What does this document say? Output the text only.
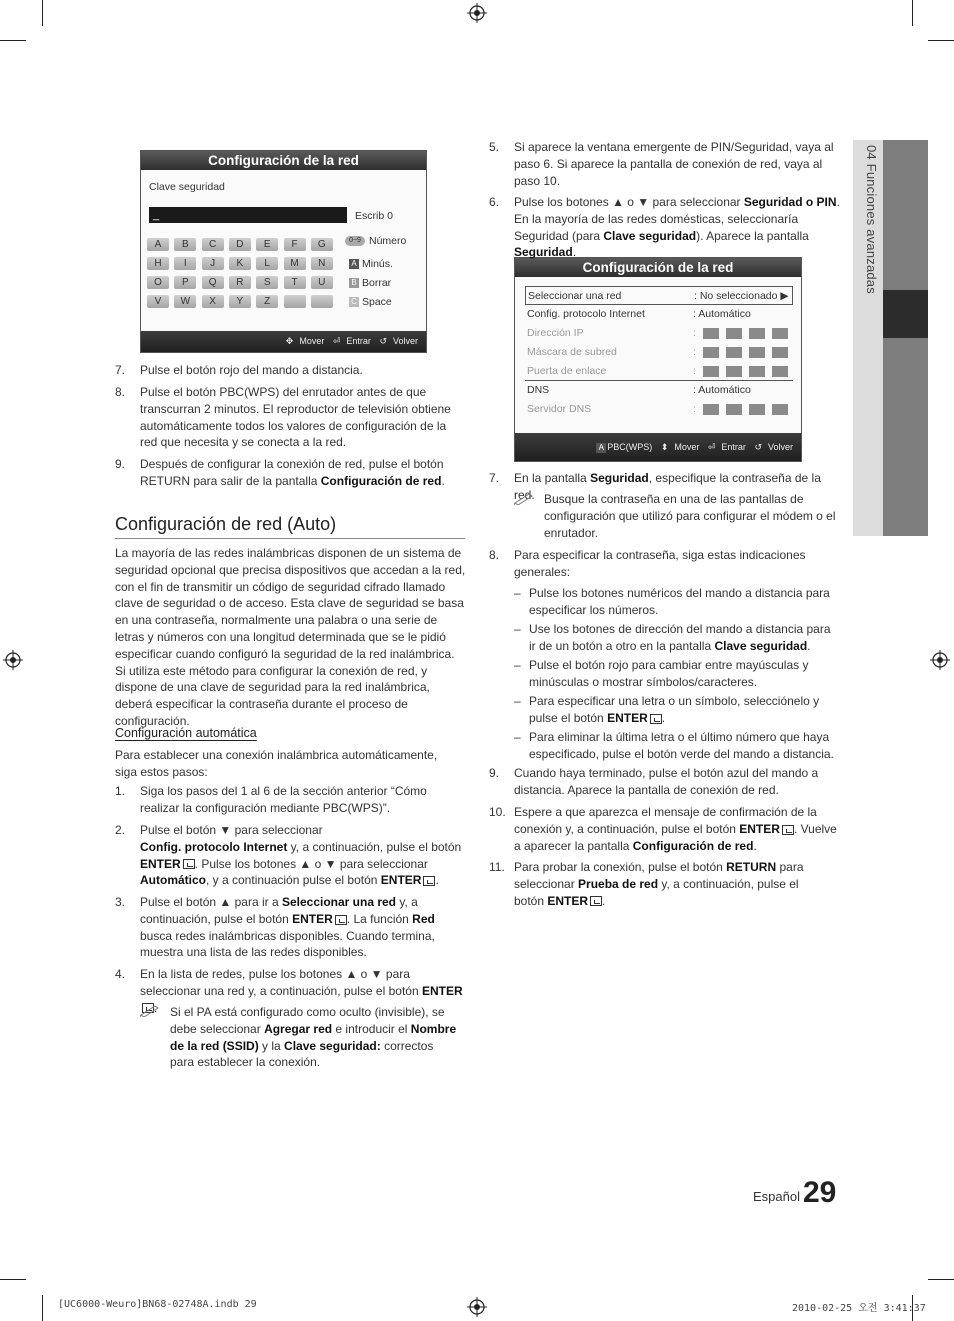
04 Funciones avanzadas
Configuración de la red
Clave seguridad
_	Escrib 0
A	B	C	D	E	F	G
H	I	J	K	L	M	N
O	P	Q	R	S	T	U
V	W	X	Y	Z
0~9 Número
A Minús.
B Borrar
C Space
✥ Mover ⏎ Entrar ↺ Volver
Configuración de la red
Seleccionar una red	: No seleccionado ▶
Config. protocolo Internet	: Automático
Dirección IP	:
Máscara de subred	:
Puerta de enlace	:
DNS	: Automático
Servidor DNS	:
A PBC(WPS) ⬍ Mover ⏎ Entrar ↺ Volver
7. Pulse el botón rojo del mando a distancia.
8. Pulse el botón PBC(WPS) del enrutador antes de que transcurran 2 minutos. El reproductor de televisión obtiene automáticamente todos los valores de configuración de la red que necesita y se conecta a la red.
9. Después de configurar la conexión de red, pulse el botón RETURN para salir de la pantalla Configuración de red.
Configuración de red (Auto)
La mayoría de las redes inalámbricas disponen de un sistema de seguridad opcional que precisa dispositivos que accedan a la red, con el fin de transmitir un código de seguridad cifrado llamado clave de seguridad o de acceso. Esta clave de seguridad se basa en una contraseña, normalmente una palabra o una serie de letras y números con una longitud determinada que se le pidió especificar cuando configuró la seguridad de la red inalámbrica. Si utiliza este método para configurar la conexión de red, y dispone de una clave de seguridad para la red inalámbrica, deberá especificar la contraseña durante el proceso de configuración.
Configuración automática
Para establecer una conexión inalámbrica automáticamente, siga estos pasos:
1. Siga los pasos del 1 al 6 de la sección anterior “Cómo realizar la configuración mediante PBC(WPS)”.
2. Pulse el botón ▼ para seleccionar
Config. protocolo Internet y, a continuación, pulse el botón
ENTER . Pulse los botones ▲ o ▼ para seleccionar
Automático, y a continuación pulse el botón ENTER .
3. Pulse el botón ▲ para ir a Seleccionar una red y, a continuación, pulse el botón ENTER . La función Red busca redes inalámbricas disponibles. Cuando termina, muestra una lista de las redes disponibles.
4. En la lista de redes, pulse los botones ▲ o ▼ para seleccionar una red y, a continuación, pulse el botón ENTER.	Si el PA está configurado como oculto (invisible), se debe seleccionar Agregar red e introducir el Nombre de la red (SSID) y la Clave seguridad: correctos para establecer la conexión.
5. Si aparece la ventana emergente de PIN/Seguridad, vaya al paso 6. Si aparece la pantalla de conexión de red, vaya al paso 10.
6. Pulse los botones ▲ o ▼ para seleccionar Seguridad o PIN. En la mayoría de las redes domésticas, seleccionaría Seguridad (para Clave seguridad). Aparece la pantalla Seguridad.
7. En la pantalla Seguridad, especifique la contraseña de la red. Busque la contraseña en una de las pantallas de configuración que utilizó para configurar el módem o el enrutador.
8. Para especificar la contraseña, siga estas indicaciones generales:
– Pulse los botones numéricos del mando a distancia para especificar los números.
– Use los botones de dirección del mando a distancia para ir de un botón a otro en la pantalla Clave seguridad.
– Pulse el botón rojo para cambiar entre mayúsculas y minúsculas o mostrar símbolos/caracteres.
– Para especificar una letra o un símbolo, selecciónelo y pulse el botón ENTER .
– Para eliminar la última letra o el último número que haya especificado, pulse el botón verde del mando a distancia.
9. Cuando haya terminado, pulse el botón azul del mando a distancia. Aparece la pantalla de conexión de red.
10. Espere a que aparezca el mensaje de confirmación de la conexión y, a continuación, pulse el botón ENTER . Vuelve a aparecer la pantalla Configuración de red.
11. Para probar la conexión, pulse el botón RETURN para seleccionar Prueba de red y, a continuación, pulse el botón ENTER .
Español 29
[UC6000-Weuro]BN68-02748A.indb 29	2010-02-25 오전 3:41:37
